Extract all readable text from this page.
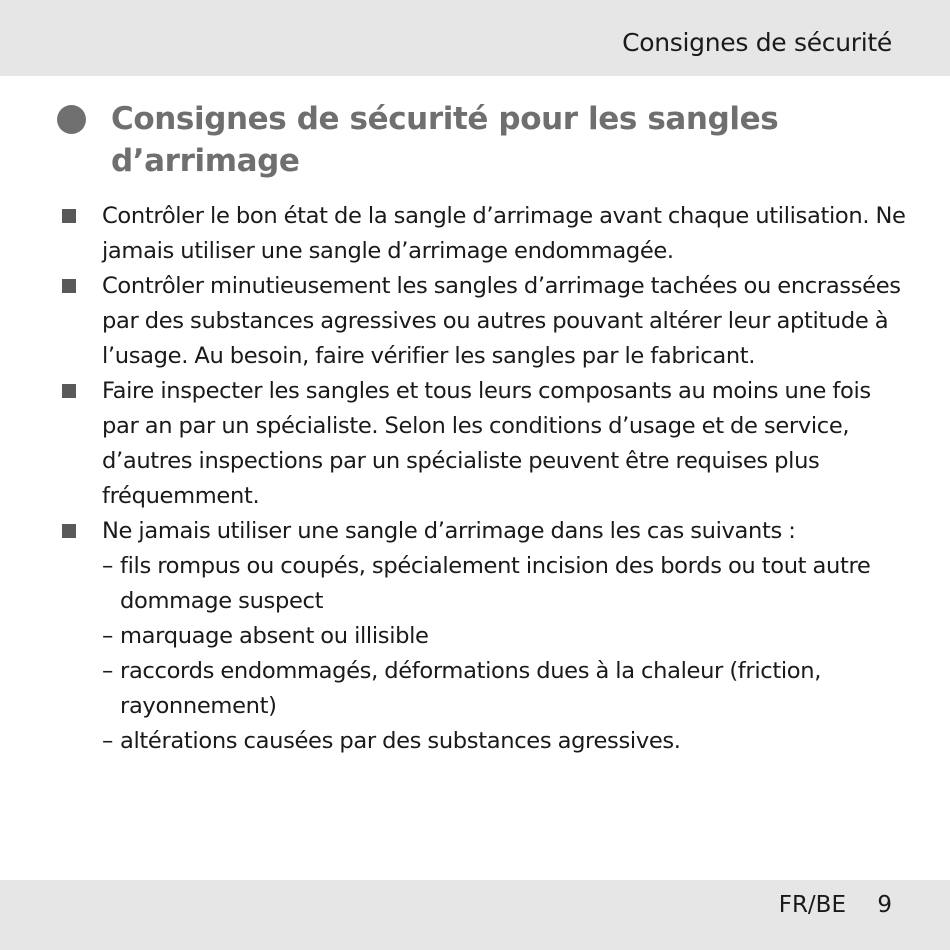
Consignes de sécurité
Consignes de sécurité pour les sangles d’arrimage
Contrôler le bon état de la sangle d’arrimage avant chaque utilisation. Ne jamais utiliser une sangle d’arrimage endommagée.
Contrôler minutieusement les sangles d’arrimage tachées ou encrassées par des substances agressives ou autres pouvant altérer leur aptitude à l’usage. Au besoin, faire vérifier les sangles par le fabricant.
Faire inspecter les sangles et tous leurs composants au moins une fois par an par un spécialiste. Selon les conditions d’usage et de service, d’autres inspections par un spécialiste peuvent être requises plus fréquemment.
Ne jamais utiliser une sangle d’arrimage dans les cas suivants :
– fils rompus ou coupés, spécialement incision des bords ou tout autre dommage suspect
– marquage absent ou illisible
– raccords endommagés, déformations dues à la chaleur (friction, rayonnement)
– altérations causées par des substances agressives.
FR/BE 9
